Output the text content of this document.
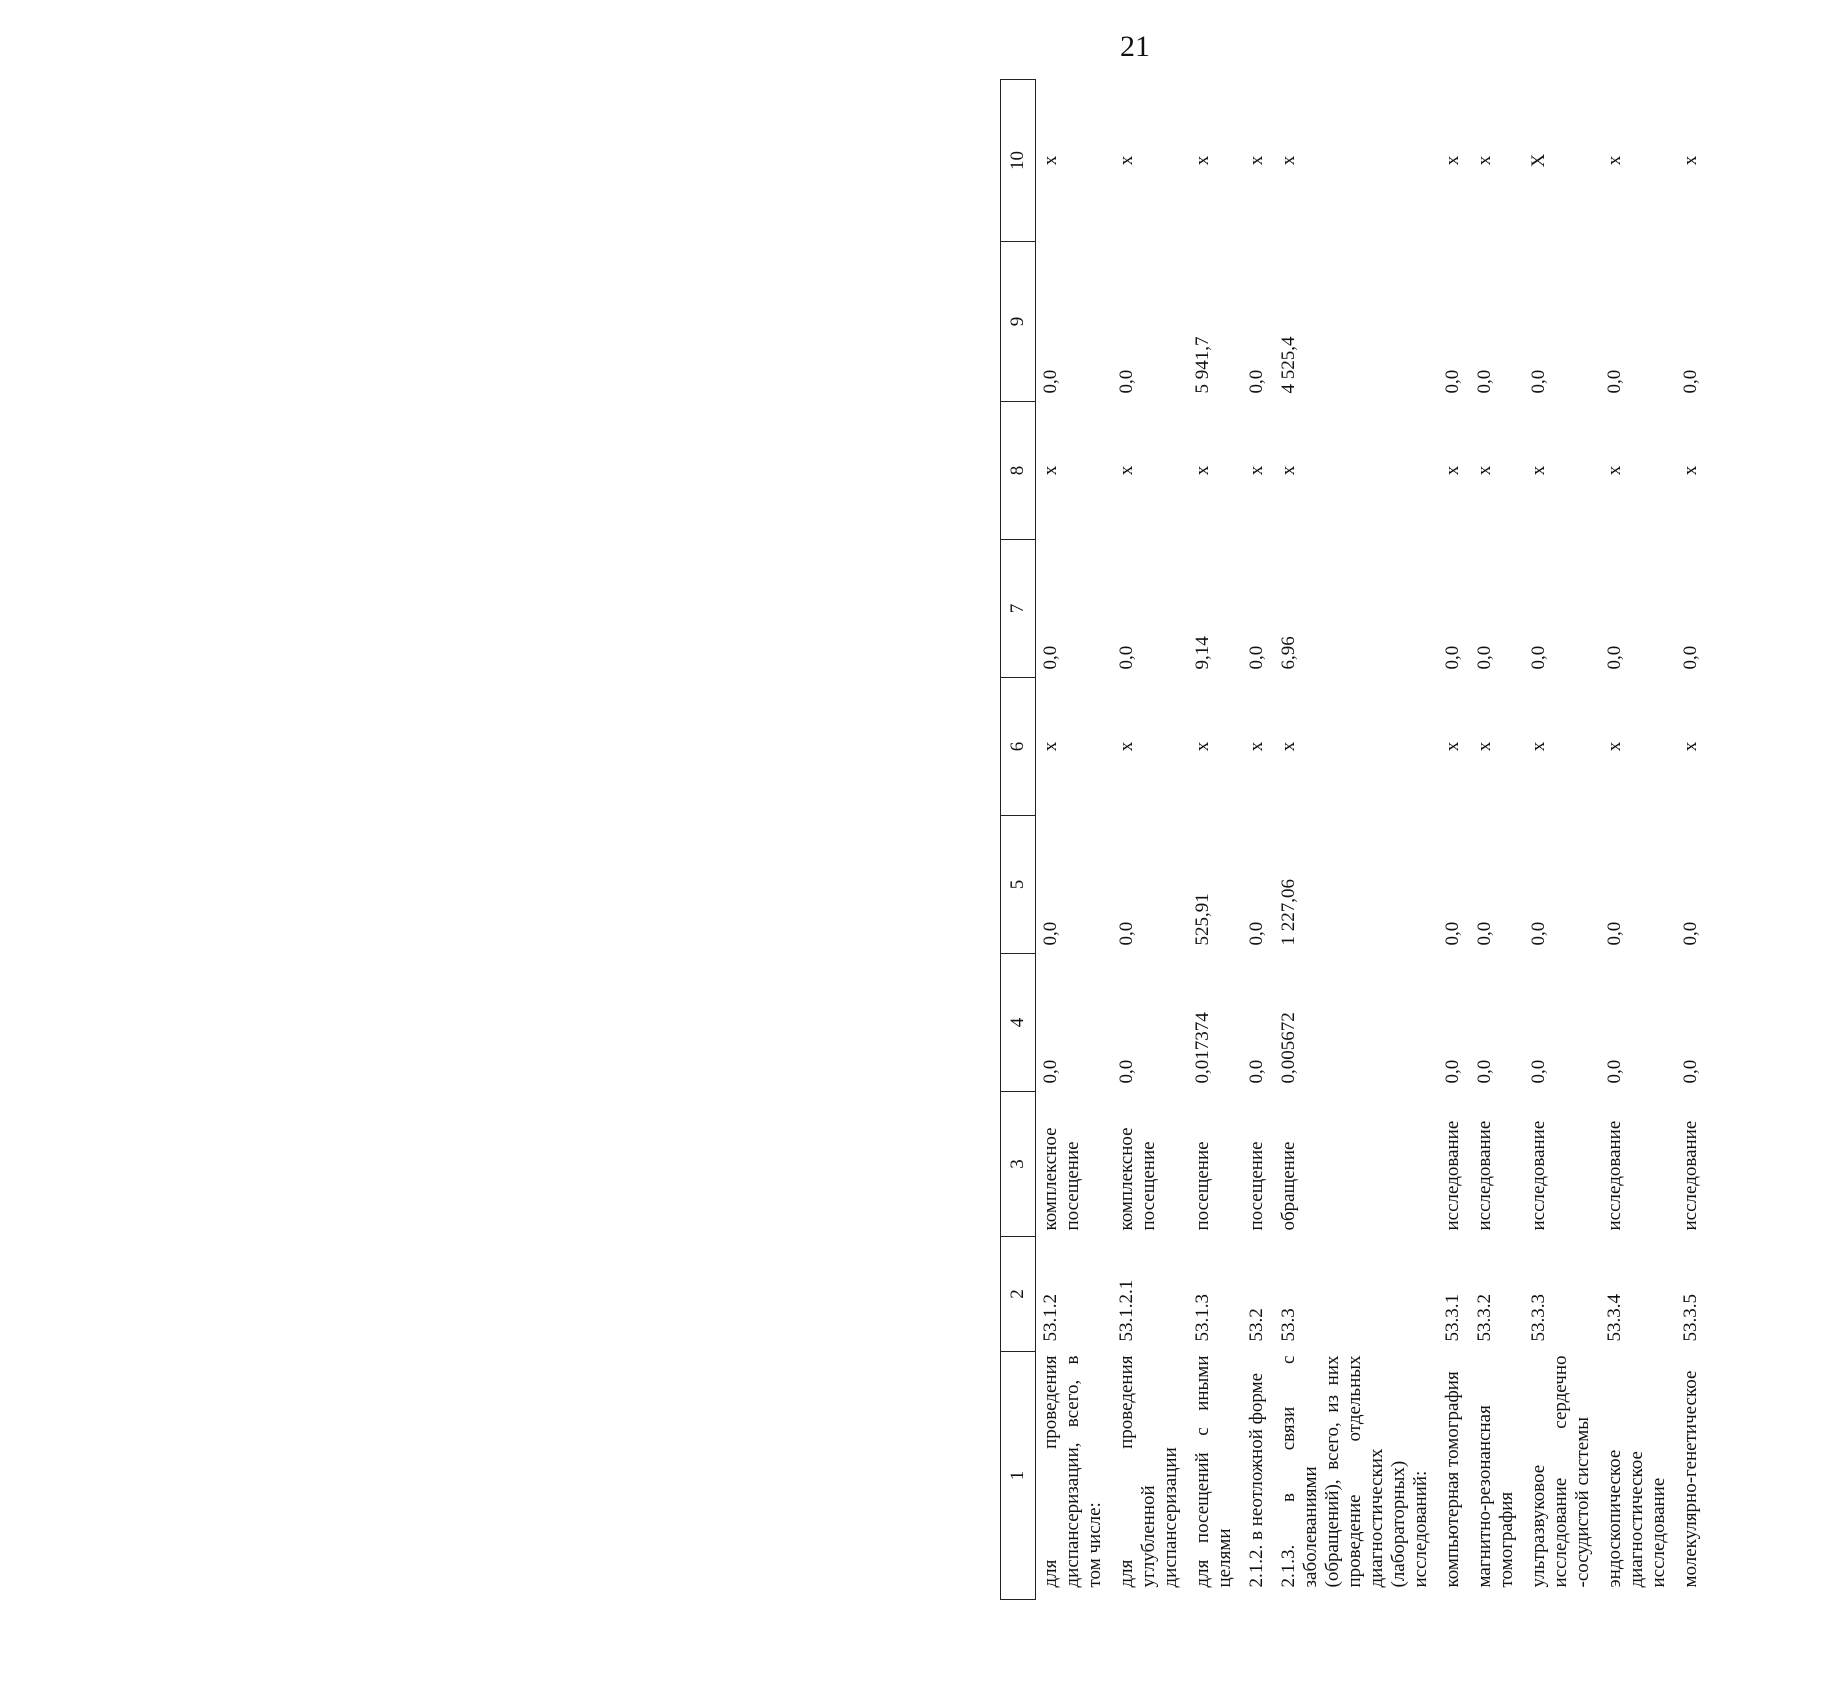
21
1	2	3	4	5	6	7	8	9	10
для проведения диспансеризации, всего, в том числе:	53.1.2	комплексное посещение	0,0	0,0	x	0,0	x	0,0	x
для проведения углубленной диспансеризации	53.1.2.1	комплексное посещение	0,0	0,0	x	0,0	x	0,0	x
для посещений с иными целями	53.1.3	посещение	0,017374	525,91	x	9,14	x	5 941,7	x
2.1.2. в неотложной форме	53.2	посещение	0,0	0,0	x	0,0	x	0,0	x
2.1.3. в связи с заболеваниями (обращений), всего, из них проведение отдельных диагностических (лабораторных) исследований:	53.3	обращение	0,005672	1 227,06	x	6,96	x	4 525,4	x
компьютерная томография	53.3.1	исследование	0,0	0,0	x	0,0	x	0,0	x
магнитно-резонансная томография	53.3.2	исследование	0,0	0,0	x	0,0	x	0,0	x
ультразвуковое исследование сердечно -сосудистой системы	53.3.3	исследование	0,0	0,0	x	0,0	x	0,0	X
эндоскопическое диагностическое исследование	53.3.4	исследование	0,0	0,0	x	0,0	x	0,0	x
молекулярно-генетическое	53.3.5	исследование	0,0	0,0	x	0,0	x	0,0	x
